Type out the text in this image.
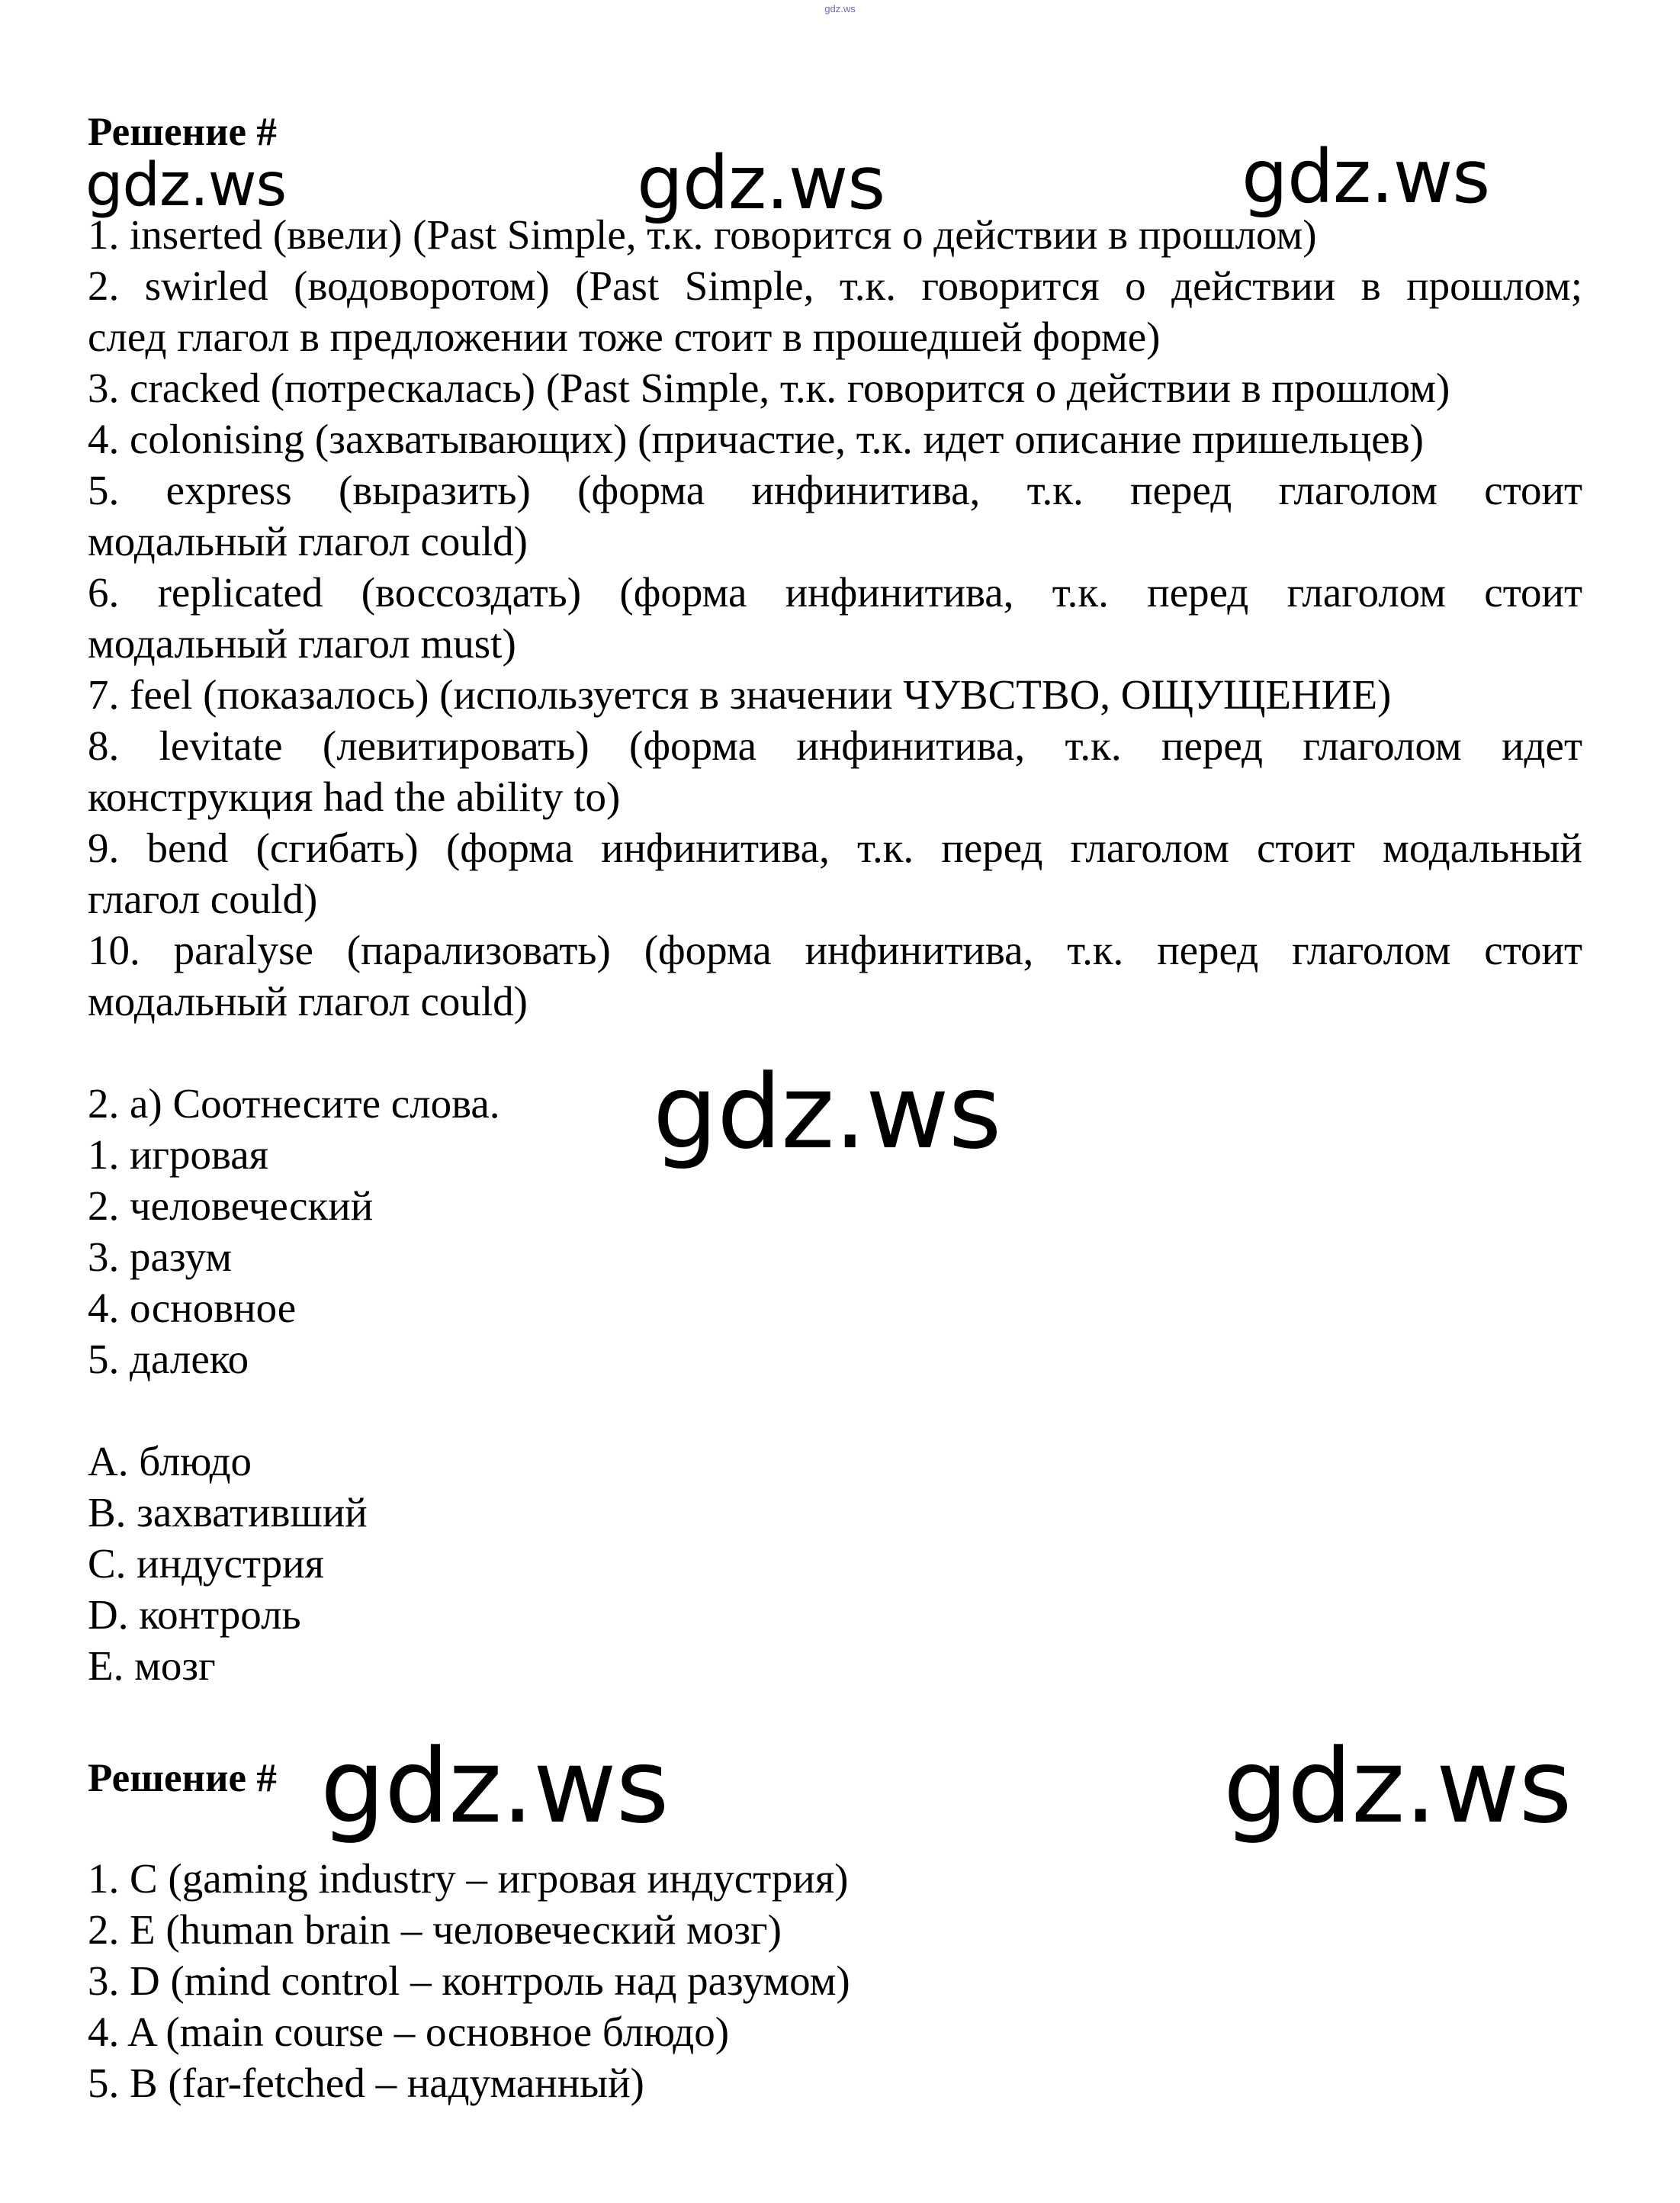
gdz.ws

Решение #

1. inserted (ввели) (Past Simple, т.к. говорится о действии в прошлом)
2. swirled (водоворотом) (Past Simple, т.к. говорится о действии в прошлом;
след глагол в предложении тоже стоит в прошедшей форме)
3. cracked (потрескалась) (Past Simple, т.к. говорится о действии в прошлом)
4. colonising (захватывающих) (причастие, т.к. идет описание пришельцев)
5. express (выразить) (форма инфинитива, т.к. перед глаголом стоит
модальный глагол could)
6. replicated (воссоздать) (форма инфинитива, т.к. перед глаголом стоит
модальный глагол must)
7. feel (показалось) (используется в значении ЧУВСТВО, ОЩУЩЕНИЕ)
8. levitate (левитировать) (форма инфинитива, т.к. перед глаголом идет
конструкция had the ability to)
9. bend (сгибать) (форма инфинитива, т.к. перед глаголом стоит модальный
глагол could)
10. paralyse (парализовать) (форма инфинитива, т.к. перед глаголом стоит
модальный глагол could)
2. a) Соотнесите слова.
1. игровая
2. человеческий
3. разум
4. основное
5. далеко
A. блюдо
B. захвативший
C. индустрия
D. контроль
E. мозг

Решение #

1. C (gaming industry – игровая индустрия)
2. E (human brain – человеческий мозг)
3. D (mind control – контроль над разумом)
4. A (main course – основное блюдо)
5. B (far-fetched – надуманный)
gdz.ws	gdz.ws	gdz.ws
gdz.ws
gdz.ws	gdz.ws
